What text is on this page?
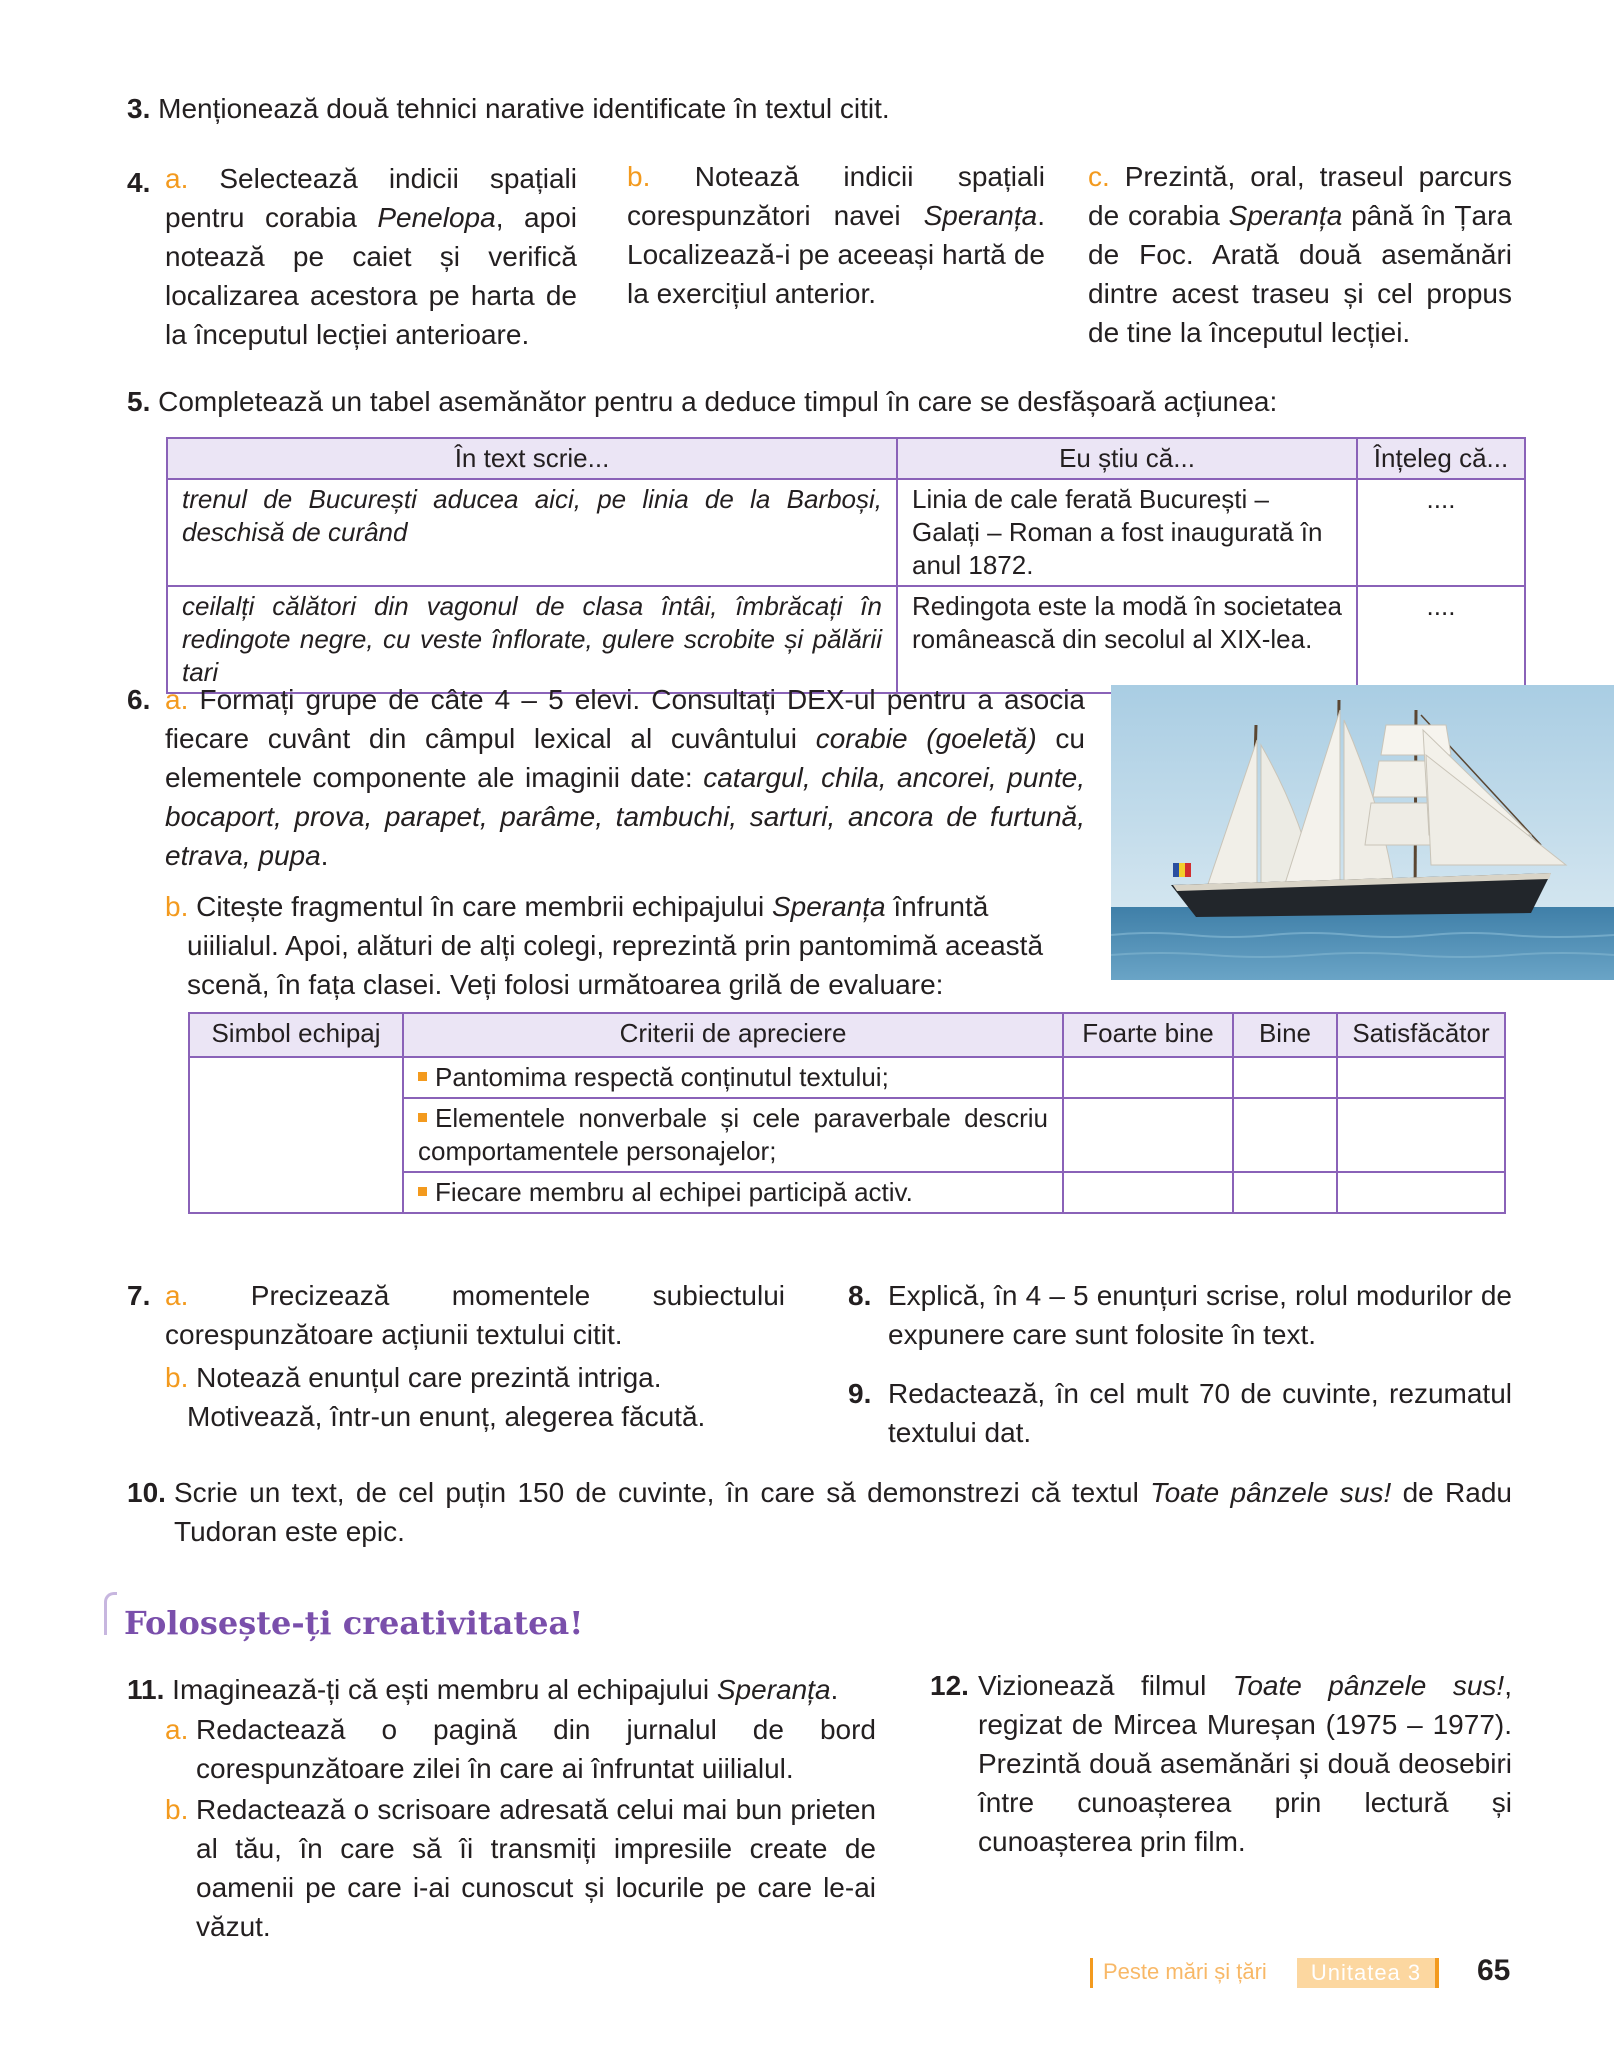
3. Menționează două tehnici narative identificate în textul citit.
4. a. Selectează indicii spațiali pentru corabia Penelopa, apoi notează pe caiet și verifică localizarea acestora pe harta de la începutul lecției anterioare.
b. Notează indicii spațiali corespunzători navei Speranța. Localizează-i pe aceeași hartă de la exercițiul anterior.
c. Prezintă, oral, traseul parcurs de corabia Speranța până în Țara de Foc. Arată două asemănări dintre acest traseu și cel propus de tine la începutul lecției.
5. Completează un tabel asemănător pentru a deduce timpul în care se desfășoară acțiunea:
În text scrie...	Eu știu că...	Înțeleg că...
trenul de București aducea aici, pe linia de la Barboși, deschisă de curând	Linia de cale ferată București – Galați – Roman a fost inaugurată în anul 1872.	....
ceilalți călători din vagonul de clasa întâi, îmbrăcați în redingote negre, cu veste înflorate, gulere scrobite și pălării tari	Redingota este la modă în societatea românească din secolul al XIX-lea.	....
6. a. Formați grupe de câte 4 – 5 elevi. Consultați DEX-ul pentru a asocia fiecare cuvânt din câmpul lexical al cuvântului corabie (goeletă) cu elementele componente ale imaginii date: catargul, chila, ancorei, punte, bocaport, prova, parapet, parâme, tambuchi, sarturi, ancora de furtună, etrava, pupa.
b. Citește fragmentul în care membrii echipajului Speranța înfruntă uiilialul. Apoi, alături de alți colegi, reprezintă prin pantomimă această scenă, în fața clasei. Veți folosi următoarea grilă de evaluare:
Simbol echipaj	Criterii de apreciere	Foarte bine	Bine	Satisfăcător
	Pantomima respectă conținutul textului;			
	Elementele nonverbale și cele paraverbale descriu comportamentele personajelor;			
	Fiecare membru al echipei participă activ.			
7. a. Precizează momentele subiectului corespunzătoare acțiunii textului citit.
b. Notează enunțul care prezintă intriga. Motivează, într-un enunț, alegerea făcută.
8. Explică, în 4 – 5 enunțuri scrise, rolul modurilor de expunere care sunt folosite în text.
9. Redactează, în cel mult 70 de cuvinte, rezumatul textului dat.
10. Scrie un text, de cel puțin 150 de cuvinte, în care să demonstrezi că textul Toate pânzele sus! de Radu Tudoran este epic.
Folosește-ți creativitatea!
11. Imaginează-ți că ești membru al echipajului Speranța.
a. Redactează o pagină din jurnalul de bord corespunzătoare zilei în care ai înfruntat uiilialul.
b. Redactează o scrisoare adresată celui mai bun prieten al tău, în care să îi transmiți impresiile create de oamenii pe care i-ai cunoscut și locurile pe care le-ai văzut.
12. Vizionează filmul Toate pânzele sus!, regizat de Mircea Mureșan (1975 – 1977). Prezintă două asemănări și două deosebiri între cunoașterea prin lectură și cunoașterea prin film.
Peste mări și țări	Unitatea 3	65
